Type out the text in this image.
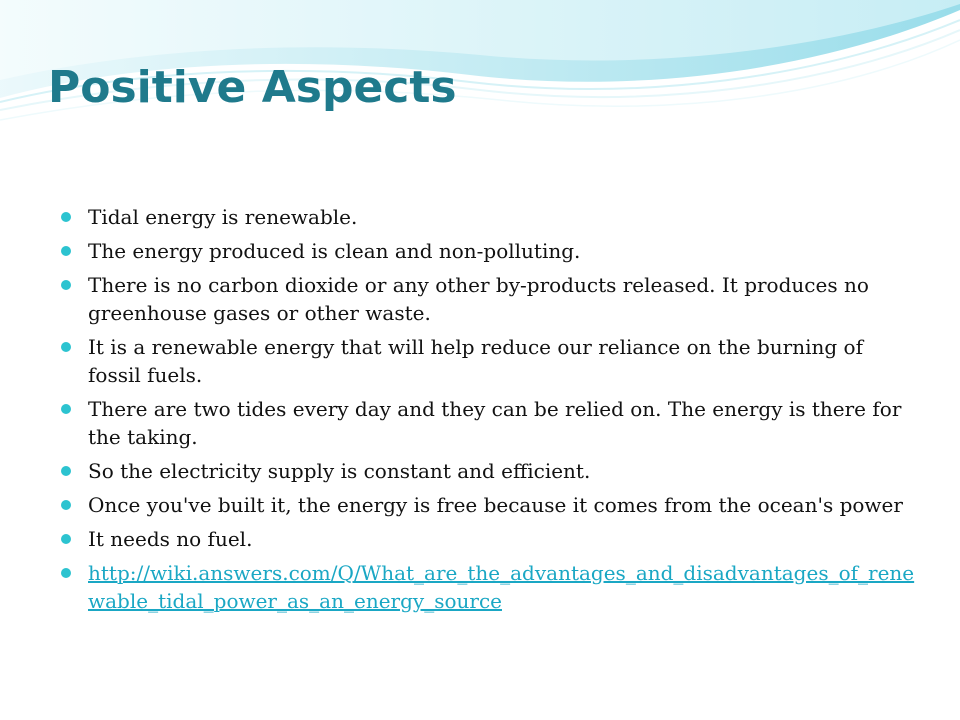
Positive Aspects
Tidal energy is renewable.
The energy produced is clean and non-polluting.
There is no carbon dioxide or any other by-products released. It produces no greenhouse gases or other waste.
It is a renewable energy that will help reduce our reliance on the burning of fossil fuels.
There are two tides every day and they can be relied on. The energy is there for the taking.
So the electricity supply is constant and efficient.
Once you've built it, the energy is free because it comes from the ocean's power
It needs no fuel.
http://wiki.answers.com/Q/What_are_the_advantages_and_disadvantages_of_renewable_tidal_power_as_an_energy_source
